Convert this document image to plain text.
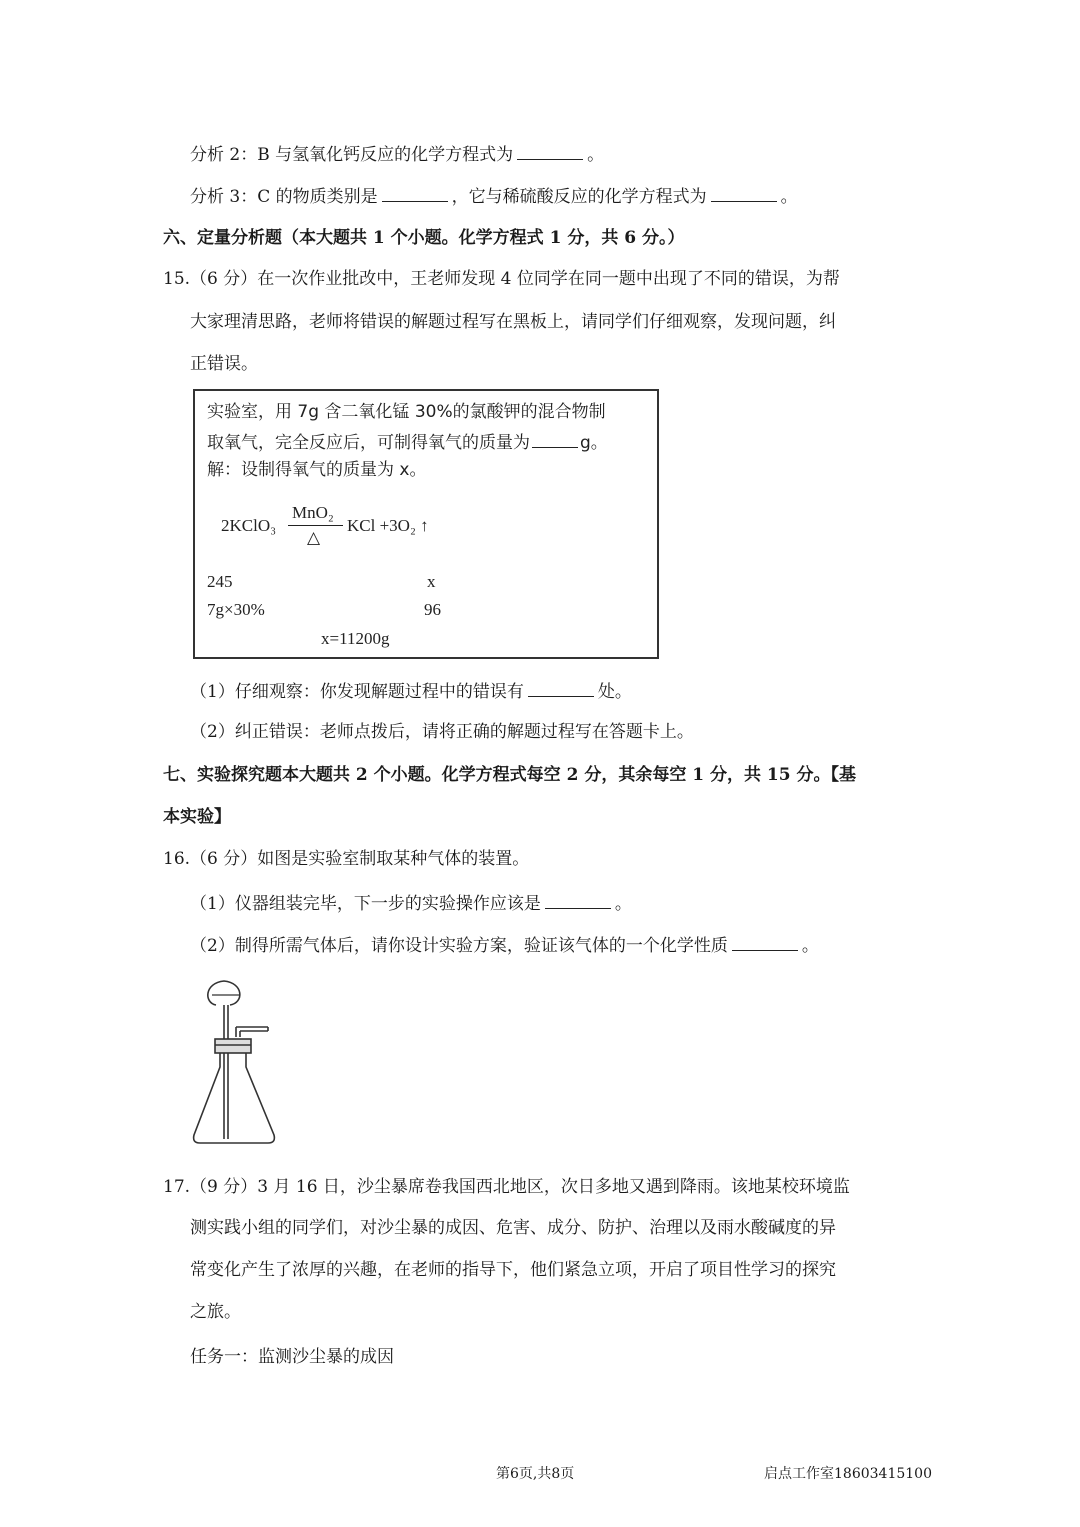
分析 2：B 与氢氧化钙反应的化学方程式为	。
分析 3：C 的物质类别是	，它与稀硫酸反应的化学方程式为	。
六、定量分析题（本大题共 1 个小题。化学方程式 1 分，共 6 分。）
15.（6 分）在一次作业批改中，王老师发现 4 位同学在同一题中出现了不同的错误，为帮
大家理清思路，老师将错误的解题过程写在黑板上，请同学们仔细观察，发现问题，纠
正错误。
实验室，用 7g 含二氧化锰 30%的氯酸钾的混合物制
取氧气，完全反应后，可制得氧气的质量为	g。
解：设制得氧气的质量为 x。
2KClO₃
MnO₂
△
KCl +3O₂ ↑
245	x
7g×30%	96
x=11200g
（1）仔细观察：你发现解题过程中的错误有	处。
（2）纠正错误：老师点拨后，请将正确的解题过程写在答题卡上。
七、实验探究题本大题共 2 个小题。化学方程式每空 2 分，其余每空 1 分，共 15 分。【基
本实验】
16.（6 分）如图是实验室制取某种气体的装置。
（1）仪器组装完毕，下一步的实验操作应该是	。
（2）制得所需气体后，请你设计实验方案，验证该气体的一个化学性质	。
17.（9 分）3 月 16 日，沙尘暴席卷我国西北地区，次日多地又遇到降雨。该地某校环境监
测实践小组的同学们，对沙尘暴的成因、危害、成分、防护、治理以及雨水酸碱度的异
常变化产生了浓厚的兴趣，在老师的指导下，他们紧急立项，开启了项目性学习的探究
之旅。
任务一：监测沙尘暴的成因
第6页,共8页	启点工作室18603415100
